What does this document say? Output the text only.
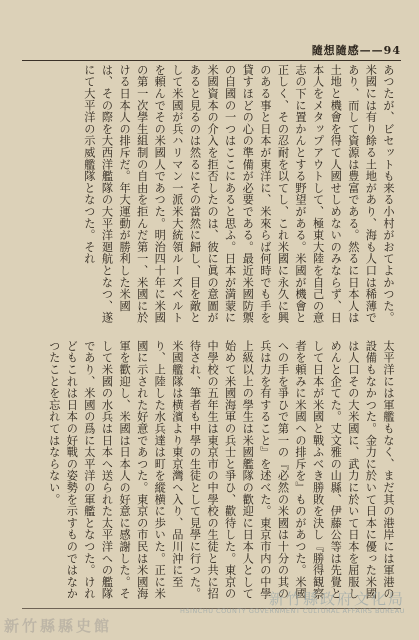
隨想隨感——94
あつたが、ビセットも来る小村がおてよかつた。米國には有り餘る土地があり、海も人口は稀薄であり、而して資源は豊富である。然るに日本人は土地と機會を得て人國せしめないのみならず、日本人をメタップアウトして、極東大陸を自己の意志の下に置かんとする野望がある。米國が機會と正しく、その忍耐を以てし、これ米國に永久に興のある事と日本が東洋に、米來らば何時でも手を貸すほどの心の準備が必要である。最近米國防禦の自國の一つはここにあると思ふ。日本が満蒙に米國資本の介入を拒否したのは、彼に眞の意圖があると見るのは然るにその當然に歸し、目を敵として米國が兵ハリマン一派米大統領ルーズベルトを頼んでその米國人であつた。明治四十年に米國の第一次學生組制の自由を拒んだ第一、米國に於ける日本人の排斥だ。年大運動が勝利した米國は、その際を大西洋艦隊の大平洋廻航となつ、遂にて大平洋の示威艦隊となつた。それ
太平洋には軍艦もなく、まだ其の港岸には軍港の設備もなかつた。金力に於いて日本に優った米國は人口その大米國に、武力に於いて日本を屈服しめんと企てた。丈文雅の山縣、伊藤公等は先覺として日本が米國と戰ふべき勝敗を決し『勝得観察者を頼みに米國への排斥を』ものがあつた。米國への手を爭ひで第一の『必然の米國は十分の其の兵は力を有すること』を述べた。東京市内の中學上級以上の學生は米國艦隊の歡迎に日本人として始めて米國海軍の兵士と爭ひ、歡待した。東京の中學校の五年生は東京市の中學校の生徒と共に招待され、筆者も中學の生徒として見學に行つた。米國艦隊は横濱より東京灣へ入り、品川沖に至り、上陸した水兵達は町を縱横に歩いた。正に米國に示された好意であつた。東京の市民は米國海軍を歡迎し、米國は日本人の好意に感謝した。そして米國の水兵は日本へ送られた太平洋への艦隊であり、米國の爲に太平洋の軍艦となつた。けれどもこれは日本の好戰の姿勢を示すものではなかつたことを忘れてはならない。
新竹縣政府文化局
HSINCHU COUNTY GOVERNMENT CULTURAL AFFAIRS BUREAU
新竹縣縣史館
